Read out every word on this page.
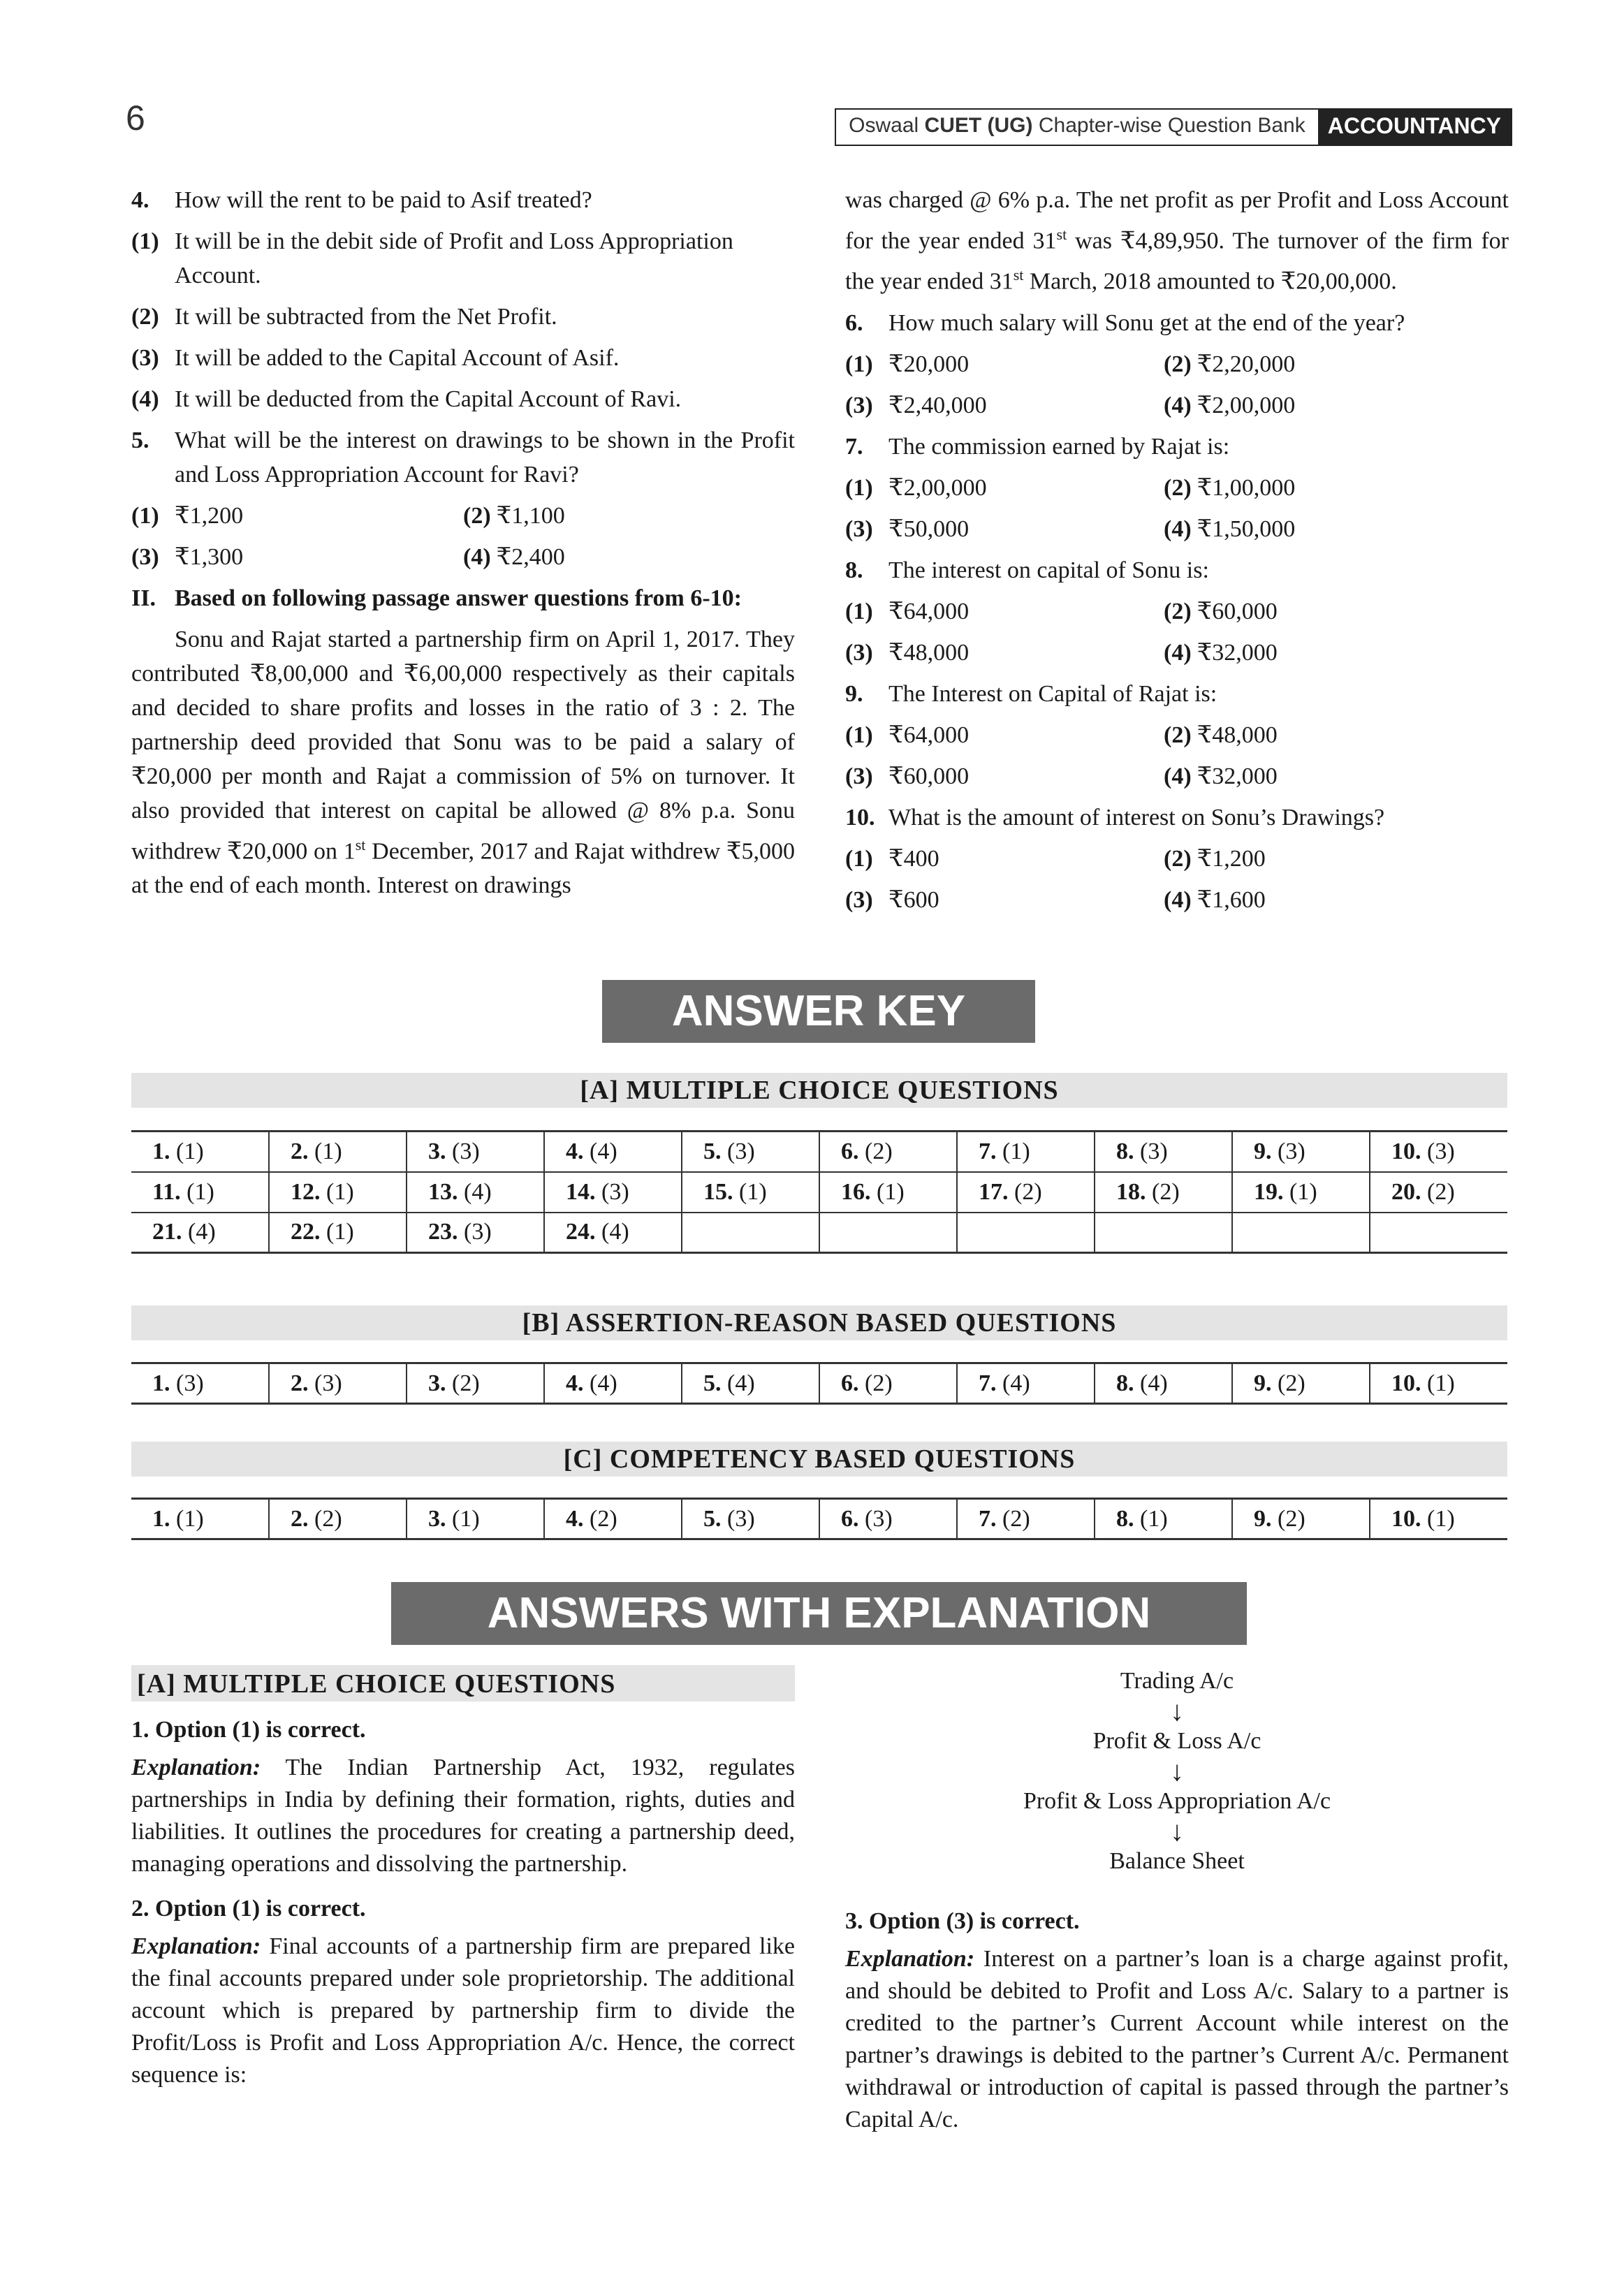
6	Oswaal CUET (UG) Chapter-wise Question Bank	ACCOUNTANCY
4.	How will the rent to be paid to Asif treated?
(1) It will be in the debit side of Profit and Loss Appropriation Account.
(2) It will be subtracted from the Net Profit.
(3) It will be added to the Capital Account of Asif.
(4) It will be deducted from the Capital Account of Ravi.
5.	What will be the interest on drawings to be shown in the Profit and Loss Appropriation Account for Ravi?
(1) ₹1,200	(2) ₹1,100
(3) ₹1,300	(4) ₹2,400
II. Based on following passage answer questions from 6-10:
Sonu and Rajat started a partnership firm on April 1, 2017. They contributed ₹8,00,000 and ₹6,00,000 respectively as their capitals and decided to share profits and losses in the ratio of 3 : 2. The partnership deed provided that Sonu was to be paid a salary of ₹20,000 per month and Rajat a commission of 5% on turnover. It also provided that interest on capital be allowed @ 8% p.a. Sonu withdrew ₹20,000 on 1st December, 2017 and Rajat withdrew ₹5,000 at the end of each month. Interest on drawings
was charged @ 6% p.a. The net profit as per Profit and Loss Account for the year ended 31st was ₹4,89,950. The turnover of the firm for the year ended 31st March, 2018 amounted to ₹20,00,000.
6.	How much salary will Sonu get at the end of the year?
(1) ₹20,000	(2) ₹2,20,000
(3) ₹2,40,000	(4) ₹2,00,000
7.	The commission earned by Rajat is:
(1) ₹2,00,000	(2) ₹1,00,000
(3) ₹50,000	(4) ₹1,50,000
8.	The interest on capital of Sonu is:
(1) ₹64,000	(2) ₹60,000
(3) ₹48,000	(4) ₹32,000
9.	The Interest on Capital of Rajat is:
(1) ₹64,000	(2) ₹48,000
(3) ₹60,000	(4) ₹32,000
10. What is the amount of interest on Sonu’s Drawings?
(1) ₹400	(2) ₹1,200
(3) ₹600	(4) ₹1,600
ANSWER KEY
[A] MULTIPLE CHOICE QUESTIONS
1. (1)	2. (1)	3. (3)	4. (4)	5. (3)	6. (2)	7. (1)	8. (3)	9. (3)	10. (3)
11. (1)	12. (1)	13. (4)	14. (3)	15. (1)	16. (1)	17. (2)	18. (2)	19. (1)	20. (2)
21. (4)	22. (1)	23. (3)	24. (4)						
[B] ASSERTION-REASON BASED QUESTIONS
1. (3)	2. (3)	3. (2)	4. (4)	5. (4)	6. (2)	7. (4)	8. (4)	9. (2)	10. (1)
[C] COMPETENCY BASED QUESTIONS
1. (1)	2. (2)	3. (1)	4. (2)	5. (3)	6. (3)	7. (2)	8. (1)	9. (2)	10. (1)
ANSWERS WITH EXPLANATION
[A] MULTIPLE CHOICE QUESTIONS
1. Option (1) is correct.
Explanation: The Indian Partnership Act, 1932, regulates partnerships in India by defining their formation, rights, duties and liabilities. It outlines the procedures for creating a partnership deed, managing operations and dissolving the partnership.
2. Option (1) is correct.
Explanation: Final accounts of a partnership firm are prepared like the final accounts prepared under sole proprietorship. The additional account which is prepared by partnership firm to divide the Profit/Loss is Profit and Loss Appropriation A/c. Hence, the correct sequence is:
Trading A/c
↓
Profit & Loss A/c
↓
Profit & Loss Appropriation A/c
↓
Balance Sheet
3. Option (3) is correct.
Explanation: Interest on a partner’s loan is a charge against profit, and should be debited to Profit and Loss A/c. Salary to a partner is credited to the partner’s Current Account while interest on the partner’s drawings is debited to the partner’s Current A/c. Permanent withdrawal or introduction of capital is passed through the partner’s Capital A/c.
